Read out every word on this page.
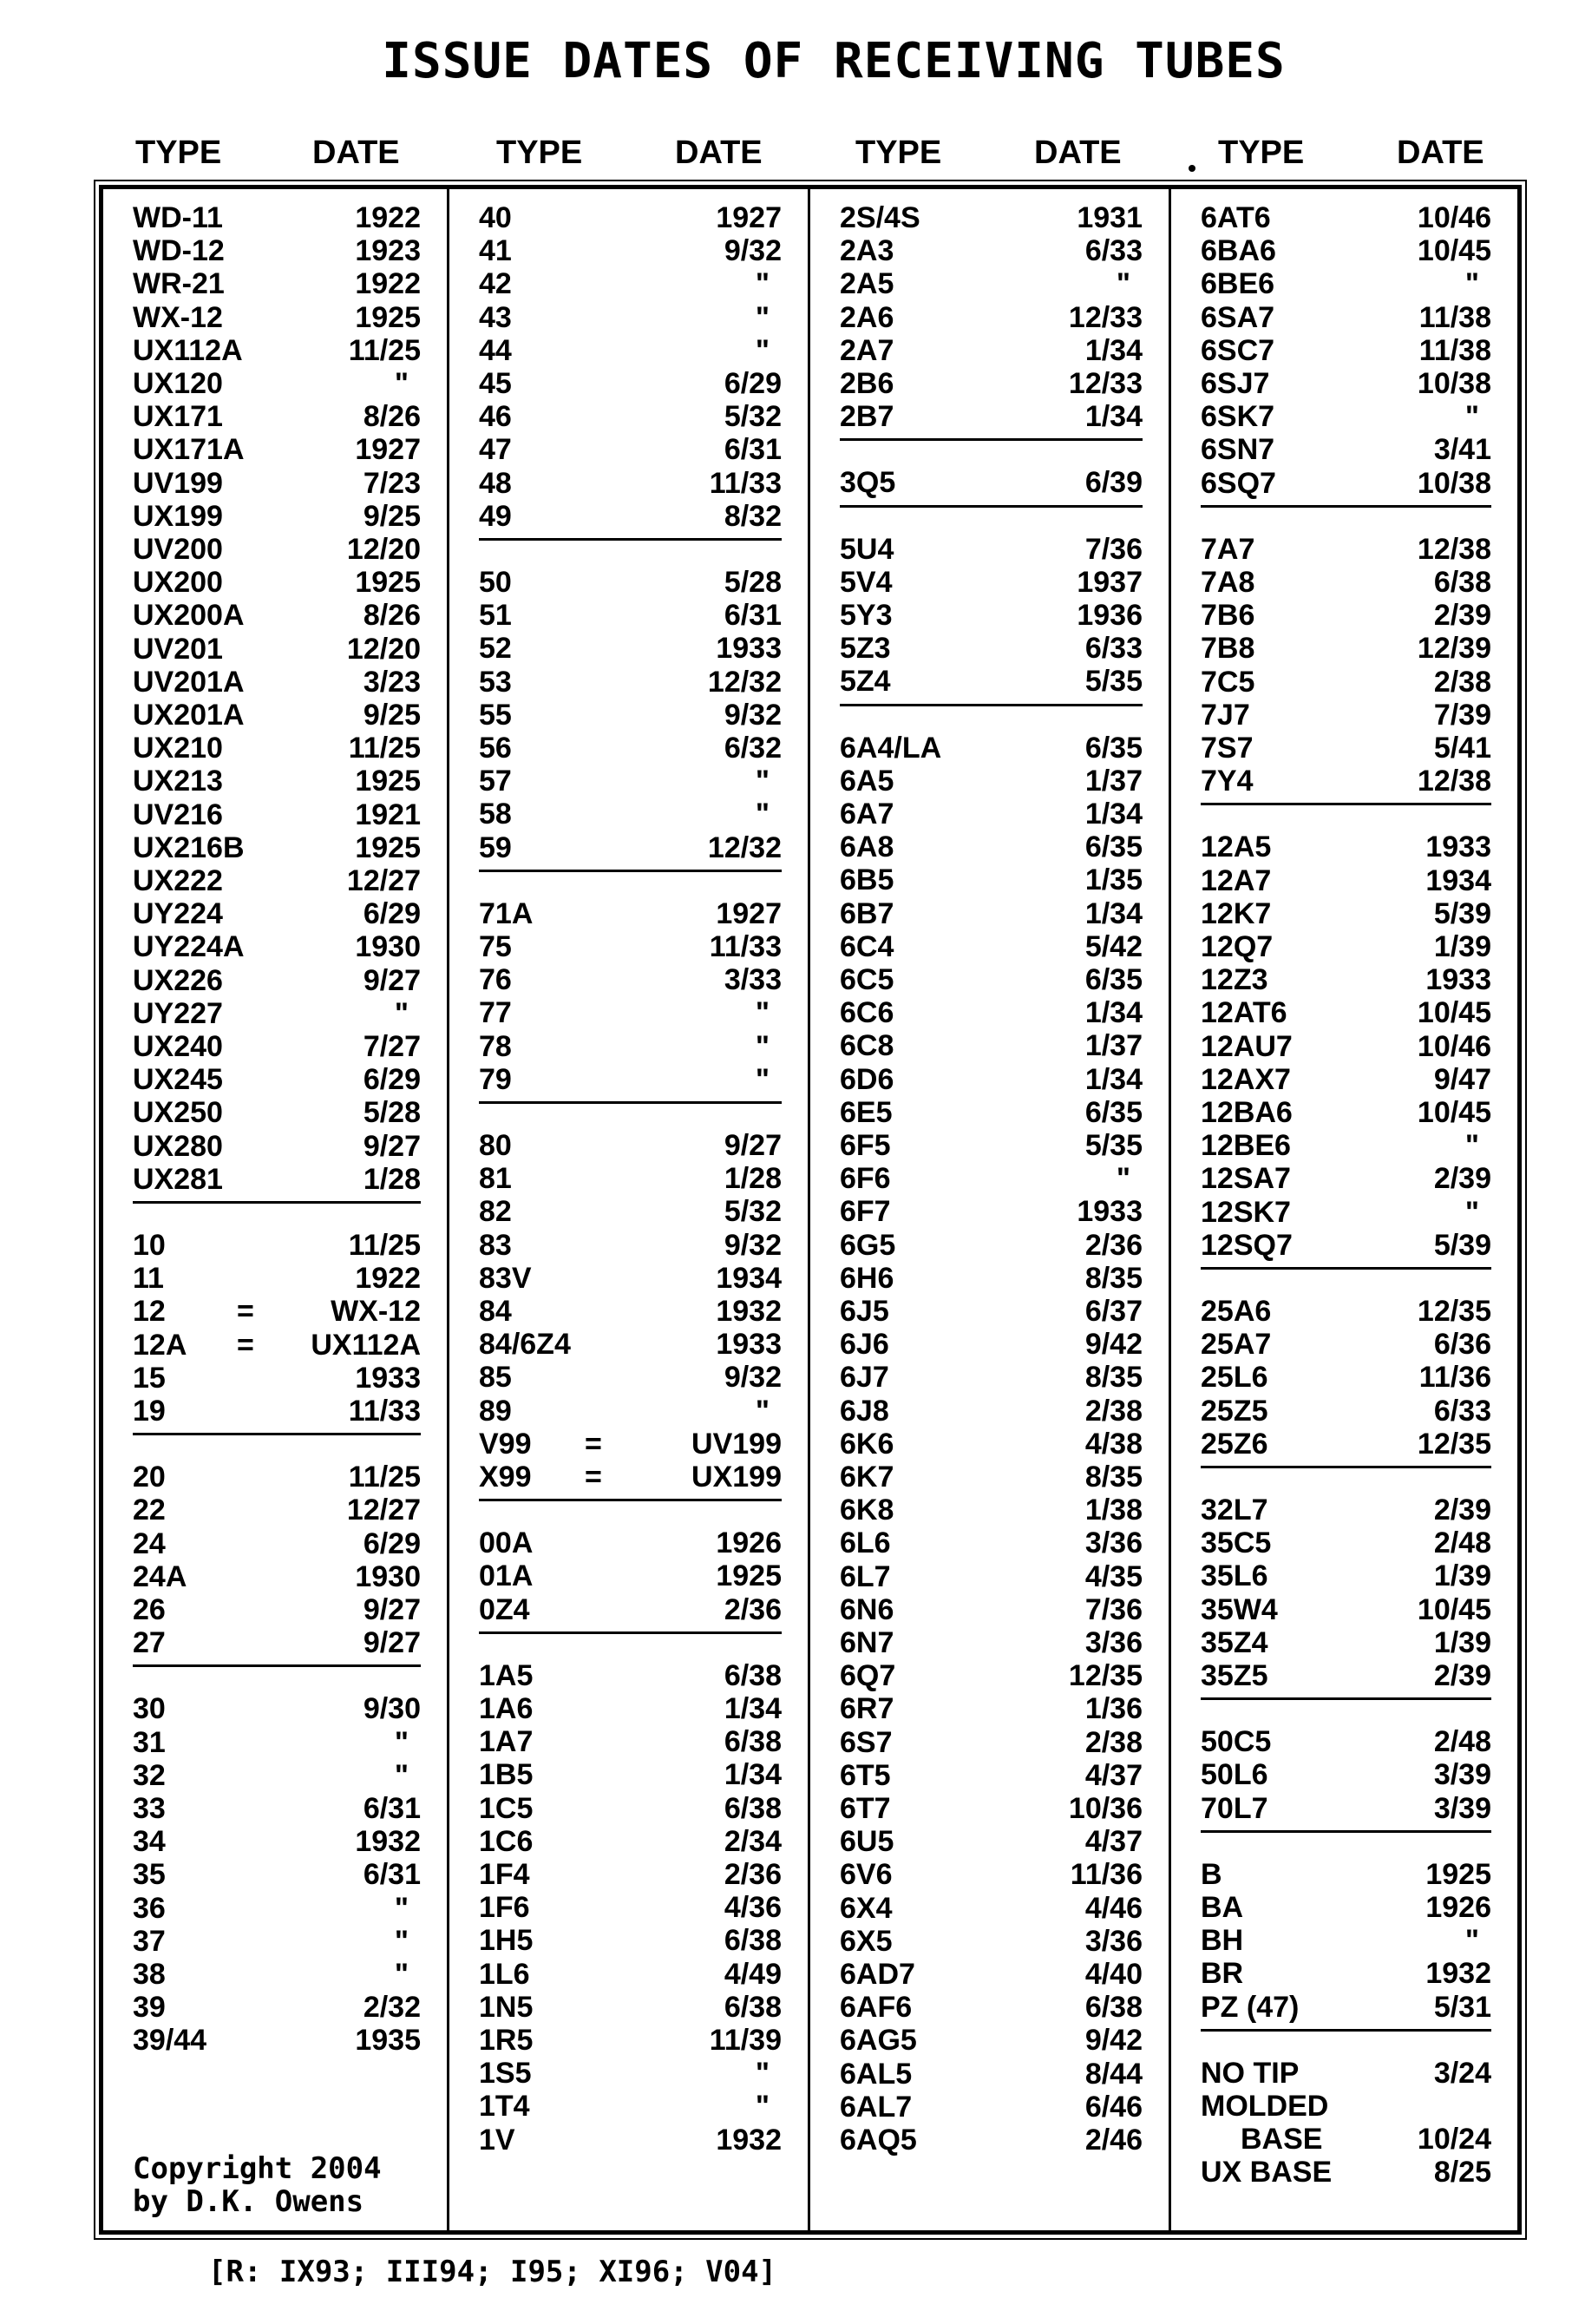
ISSUE DATES OF RECEIVING TUBES
TYPE	DATE	TYPE	DATE	TYPE	DATE	TYPE	DATE
WD-11	1922
WD-12	1923
WR-21	1922
WX-12	1925
UX112A	11/25
UX120	"
UX171	8/26
UX171A	1927
UV199	7/23
UX199	9/25
UV200	12/20
UX200	1925
UX200A	8/26
UV201	12/20
UV201A	3/23
UX201A	9/25
UX210	11/25
UX213	1925
UV216	1921
UX216B	1925
UX222	12/27
UY224	6/29
UY224A	1930
UX226	9/27
UY227	"
UX240	7/27
UX245	6/29
UX250	5/28
UX280	9/27
UX281	1/28
10	11/25
11	1922
12 =	WX-12
12A = UX112A
15	1933
19	11/33
20	11/25
22	12/27
24	6/29
24A	1930
26	9/27
27	9/27
30	9/30
31	"
32	"
33	6/31
34	1932
35	6/31
36	"
37	"
38	"
39	2/32
39/44	1935
Copyright 2004
by D.K. Owens
40	1927
41	9/32
42	"
43	"
44	"
45	6/29
46	5/32
47	6/31
48	11/33
49	8/32
50	5/28
51	6/31
52	1933
53	12/32
55	9/32
56	6/32
57	"
58	"
59	12/32
71A	1927
75	11/33
76	3/33
77	"
78	"
79	"
80	9/27
81	1/28
82	5/32
83	9/32
83V	1934
84	1932
84/6Z4	1933
85	9/32
89	"
V99 =	UV199
X99 =	UX199
00A	1926
01A	1925
0Z4	2/36
1A5	6/38
1A6	1/34
1A7	6/38
1B5	1/34
1C5	6/38
1C6	2/34
1F4	2/36
1F6	4/36
1H5	6/38
1L6	4/49
1N5	6/38
1R5	11/39
1S5	"
1T4	"
1V	1932
2S/4S	1931
2A3	6/33
2A5	"
2A6	12/33
2A7	1/34
2B6	12/33
2B7	1/34
3Q5	6/39
5U4	7/36
5V4	1937
5Y3	1936
5Z3	6/33
5Z4	5/35
6A4/LA	6/35
6A5	1/37
6A7	1/34
6A8	6/35
6B5	1/35
6B7	1/34
6C4	5/42
6C5	6/35
6C6	1/34
6C8	1/37
6D6	1/34
6E5	6/35
6F5	5/35
6F6	"
6F7	1933
6G5	2/36
6H6	8/35
6J5	6/37
6J6	9/42
6J7	8/35
6J8	2/38
6K6	4/38
6K7	8/35
6K8	1/38
6L6	3/36
6L7	4/35
6N6	7/36
6N7	3/36
6Q7	12/35
6R7	1/36
6S7	2/38
6T5	4/37
6T7	10/36
6U5	4/37
6V6	11/36
6X4	4/46
6X5	3/36
6AD7	4/40
6AF6	6/38
6AG5	9/42
6AL5	8/44
6AL7	6/46
6AQ5	2/46
6AT6	10/46
6BA6	10/45
6BE6	"
6SA7	11/38
6SC7	11/38
6SJ7	10/38
6SK7	"
6SN7	3/41
6SQ7	10/38
7A7	12/38
7A8	6/38
7B6	2/39
7B8	12/39
7C5	2/38
7J7	7/39
7S7	5/41
7Y4	12/38
12A5	1933
12A7	1934
12K7	5/39
12Q7	1/39
12Z3	1933
12AT6	10/45
12AU7	10/46
12AX7	9/47
12BA6	10/45
12BE6	"
12SA7	2/39
12SK7	"
12SQ7	5/39
25A6	12/35
25A7	6/36
25L6	11/36
25Z5	6/33
25Z6	12/35
32L7	2/39
35C5	2/48
35L6	1/39
35W4	10/45
35Z4	1/39
35Z5	2/39
50C5	2/48
50L6	3/39
70L7	3/39
B	1925
BA	1926
BH	"
BR	1932
PZ (47)	5/31
NO TIP	3/24
MOLDED
BASE	10/24
UX BASE	8/25
[R: IX93; III94; I95; XI96; V04]
